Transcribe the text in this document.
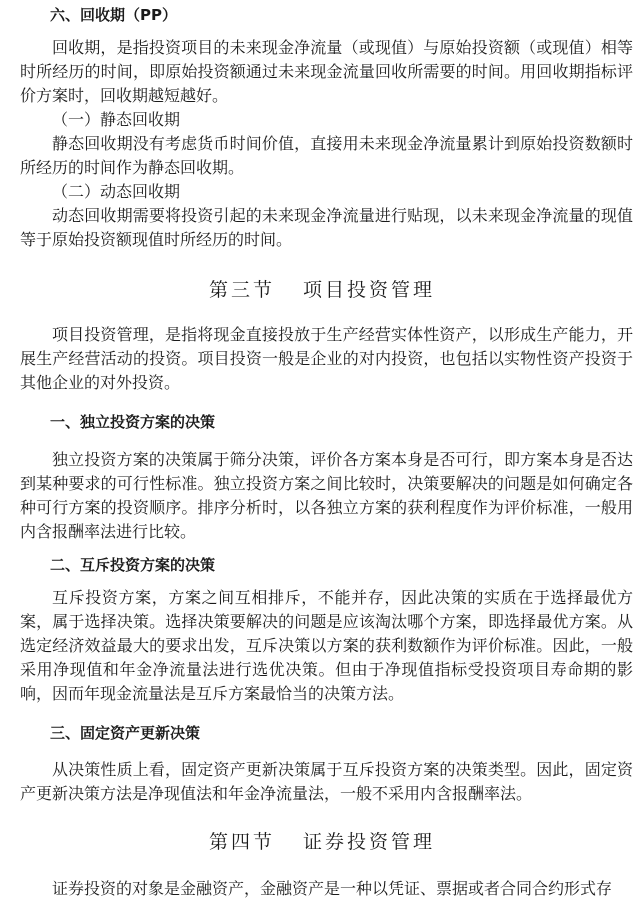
六、回收期（PP）
回收期，是指投资项目的未来现金净流量（或现值）与原始投资额（或现值）相等时所经历的时间，即原始投资额通过未来现金流量回收所需要的时间。用回收期指标评价方案时，回收期越短越好。
（一）静态回收期
静态回收期没有考虑货币时间价值，直接用未来现金净流量累计到原始投资数额时所经历的时间作为静态回收期。
（二）动态回收期
动态回收期需要将投资引起的未来现金净流量进行贴现，以未来现金净流量的现值等于原始投资额现值时所经历的时间。
第三节 项目投资管理
项目投资管理，是指将现金直接投放于生产经营实体性资产，以形成生产能力，开展生产经营活动的投资。项目投资一般是企业的对内投资，也包括以实物性资产投资于其他企业的对外投资。
一、独立投资方案的决策
独立投资方案的决策属于筛分决策，评价各方案本身是否可行，即方案本身是否达到某种要求的可行性标准。独立投资方案之间比较时，决策要解决的问题是如何确定各种可行方案的投资顺序。排序分析时，以各独立方案的获利程度作为评价标准，一般用内含报酬率法进行比较。
二、互斥投资方案的决策
互斥投资方案，方案之间互相排斥，不能并存，因此决策的实质在于选择最优方案，属于选择决策。选择决策要解决的问题是应该淘汰哪个方案，即选择最优方案。从选定经济效益最大的要求出发，互斥决策以方案的获利数额作为评价标准。因此，一般采用净现值和年金净流量法进行选优决策。但由于净现值指标受投资项目寿命期的影响，因而年现金流量法是互斥方案最恰当的决策方法。
三、固定资产更新决策
从决策性质上看，固定资产更新决策属于互斥投资方案的决策类型。因此，固定资产更新决策方法是净现值法和年金净流量法，一般不采用内含报酬率法。
第四节 证券投资管理
证券投资的对象是金融资产，金融资产是一种以凭证、票据或者合同合约形式存
